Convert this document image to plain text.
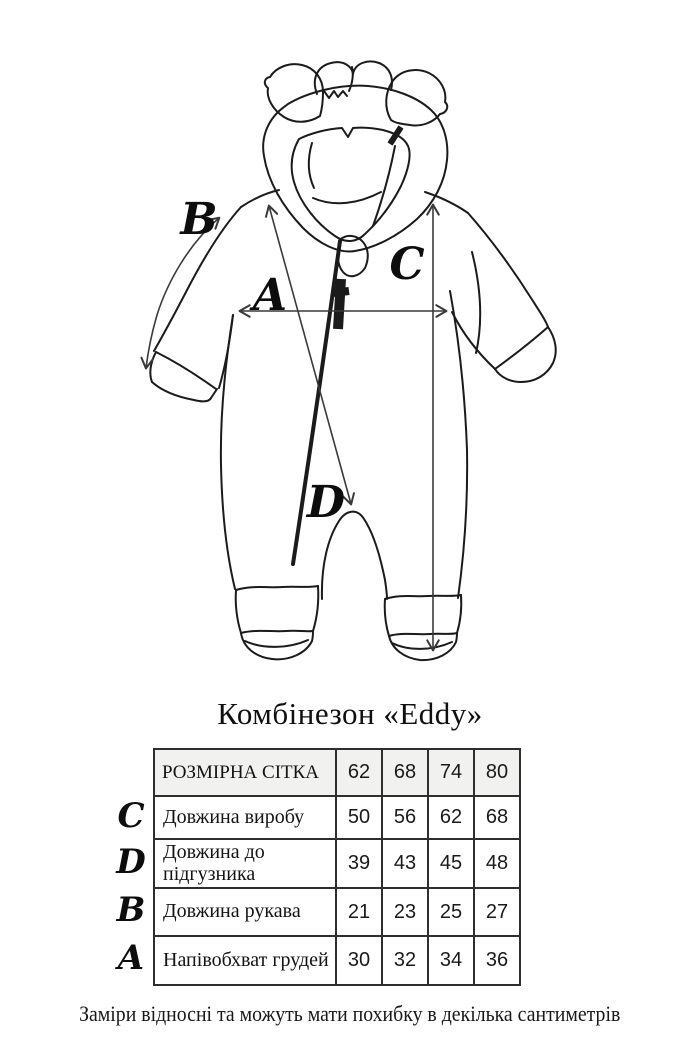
A
B
C
D
Комбінезон «Eddy»
РОЗМІРНА СІТКА	62	68	74	80
Довжина виробу	50	56	62	68
Довжина до підгузника	39	43	45	48
Довжина рукава	21	23	25	27
Напівобхват грудей	30	32	34	36
C
D
B
A
Заміри відносні та можуть мати похибку в декілька сантиметрів
